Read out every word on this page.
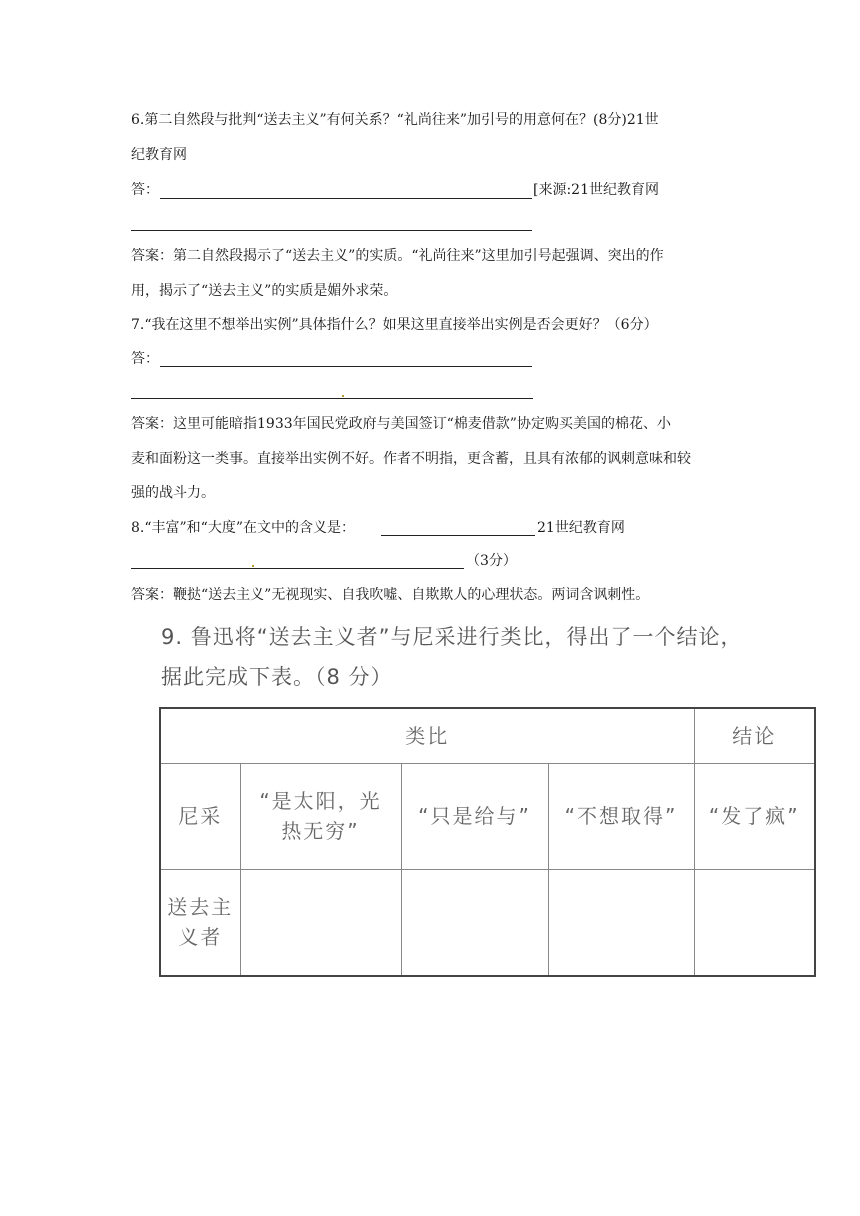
6.第二自然段与批判“送去主义”有何关系？“礼尚往来”加引号的用意何在？(8分)21世

纪教育网

答：	[来源:21世纪教育网

答案：第二自然段揭示了“送去主义”的实质。“礼尚往来”这里加引号起强调、突出的作

用，揭示了“送去主义”的实质是媚外求荣。

7.“我在这里不想举出实例”具体指什么？如果这里直接举出实例是否会更好？（6分）

答：

答案：这里可能暗指1933年国民党政府与美国签订“棉麦借款”协定购买美国的棉花、小

麦和面粉这一类事。直接举出实例不好。作者不明指，更含蓄，且具有浓郁的讽刺意味和较

强的战斗力。

8.“丰富”和“大度”在文中的含义是：	21世纪教育网

（3分）

答案：鞭挞“送去主义”无视现实、自我吹嘘、自欺欺人的心理状态。两词含讽刺性。

9. 鲁迅将“送去主义者”与尼采进行类比，得出了一个结论，

据此完成下表。（8 分）

类比				结论
尼采	“是太阳，光热无穷”	“只是给与”	“不想取得”	“发了疯”
送去主义者				
